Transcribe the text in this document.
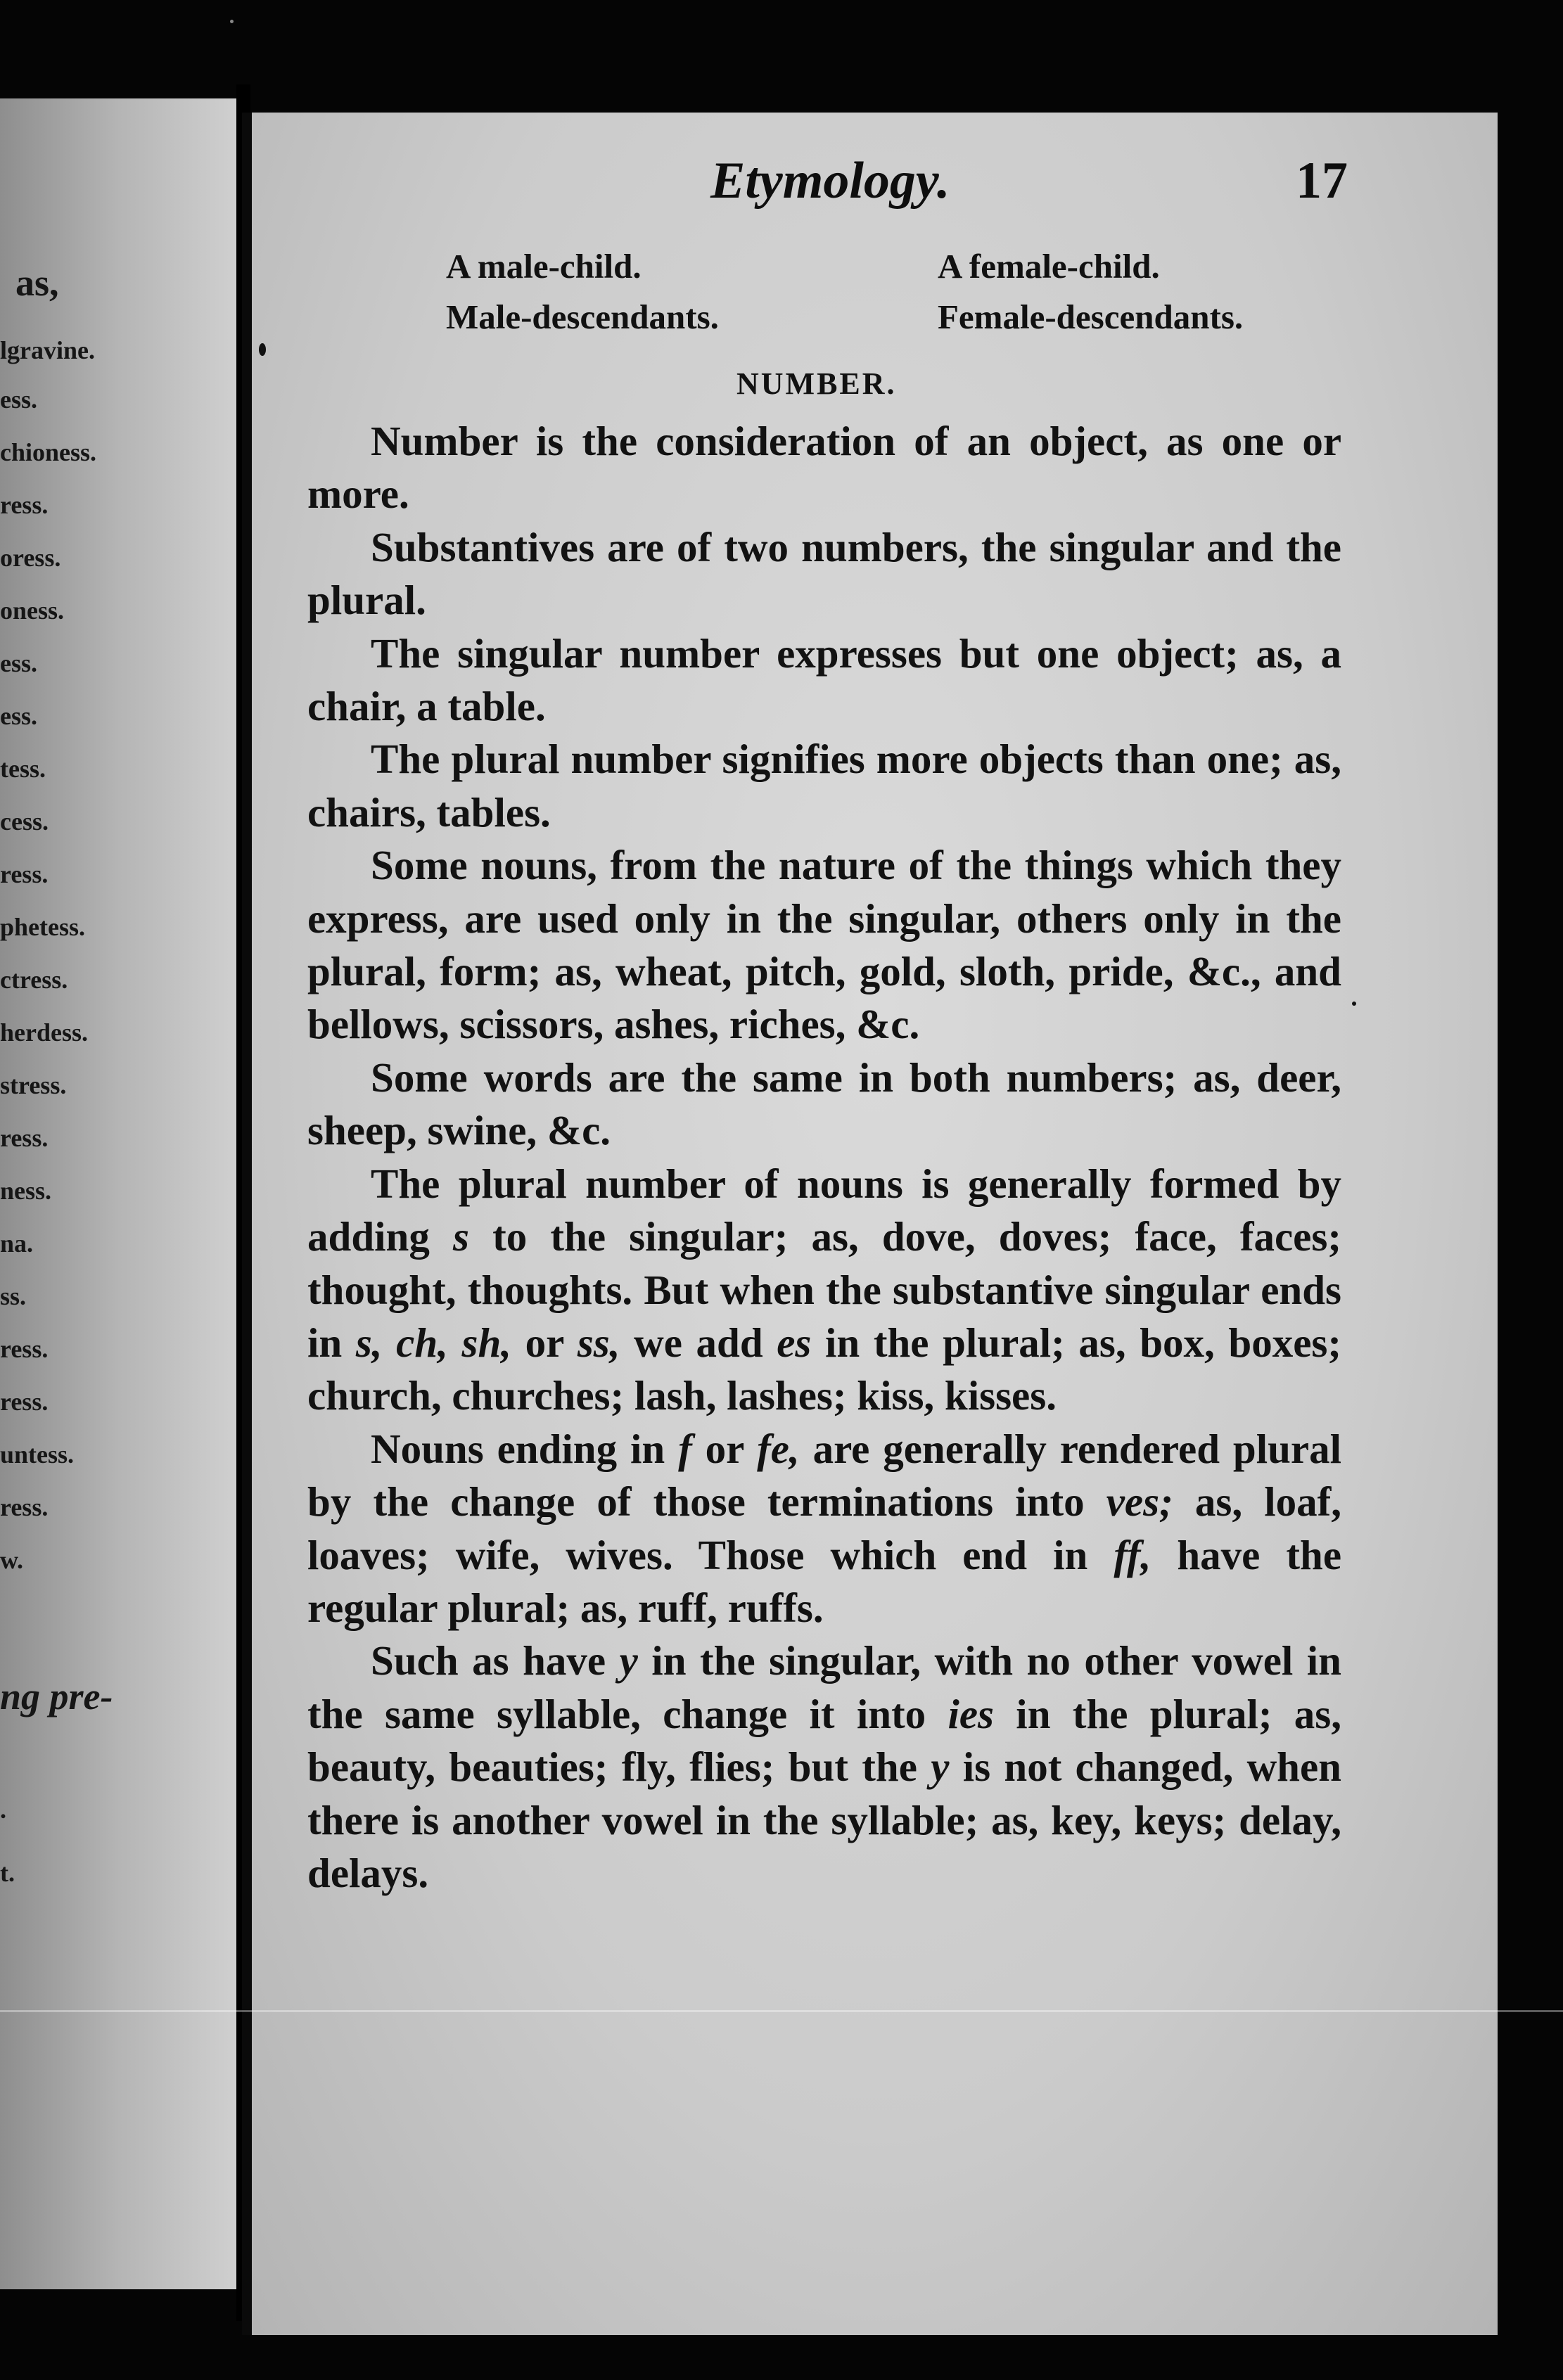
as,
lgravine.
ess.
chioness.
ress.
oress.
oness.
ess.
ess.
tess.
cess.
ress.
phetess.
ctress.
herdess.
stress.
ress.
ness.
na.
ss.
ress.
ress.
untess.
ress.
w.
ng pre-
.
t.
Etymology.	17
A male-child.	A female-child.
Male-descendants.	Female-descendants.
NUMBER.

Number is the consideration of an object, as one or more.

Substantives are of two numbers, the singular and the plural.

The singular number expresses but one object; as, a chair, a table.

The plural number signifies more objects than one; as, chairs, tables.

Some nouns, from the nature of the things which they express, are used only in the singular, others only in the plural, form; as, wheat, pitch, gold, sloth, pride, &c., and bellows, scissors, ashes, riches, &c.

Some words are the same in both numbers; as, deer, sheep, swine, &c.

The plural number of nouns is generally formed by adding s to the singular; as, dove, doves; face, faces; thought, thoughts. But when the substantive singular ends in s, ch, sh, or ss, we add es in the plural; as, box, boxes; church, churches; lash, lashes; kiss, kisses.

Nouns ending in f or fe, are generally rendered plural by the change of those terminations into ves; as, loaf, loaves; wife, wives. Those which end in ff, have the regular plural; as, ruff, ruffs.

Such as have y in the singular, with no other vowel in the same syllable, change it into ies in the plural; as, beauty, beauties; fly, flies; but the y is not changed, when there is another vowel in the syllable; as, key, keys; delay, delays.
